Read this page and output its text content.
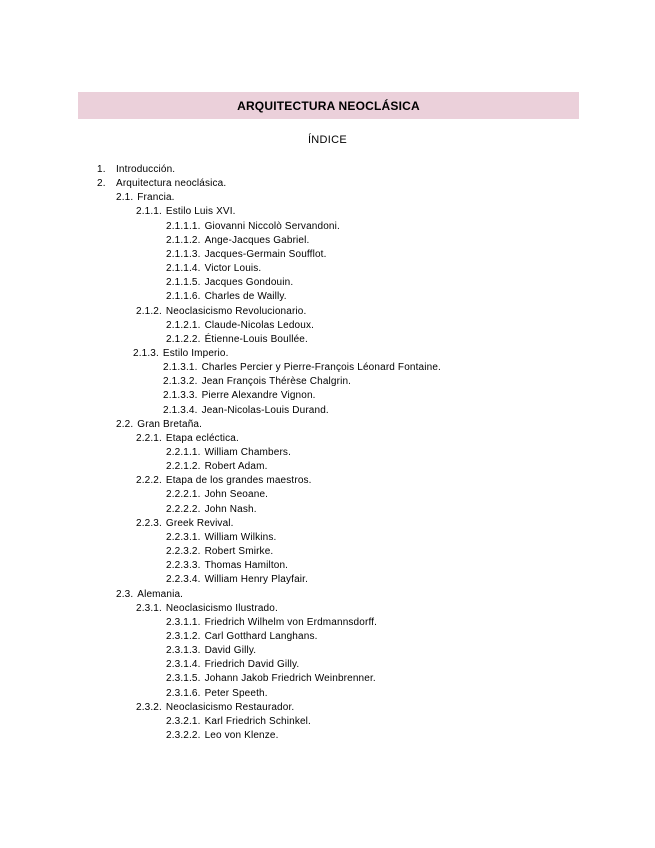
ARQUITECTURA NEOCLÁSICA
ÍNDICE
1. Introducción.
2. Arquitectura neoclásica.
2.1. Francia.
2.1.1. Estilo Luis XVI.
2.1.1.1. Giovanni Niccolò Servandoni.
2.1.1.2. Ange-Jacques Gabriel.
2.1.1.3. Jacques-Germain Soufflot.
2.1.1.4. Victor Louis.
2.1.1.5. Jacques Gondouin.
2.1.1.6. Charles de Wailly.
2.1.2. Neoclasicismo Revolucionario.
2.1.2.1. Claude-Nicolas Ledoux.
2.1.2.2. Étienne-Louis Boullée.
2.1.3. Estilo Imperio.
2.1.3.1. Charles Percier y Pierre-François Léonard Fontaine.
2.1.3.2. Jean François Thérèse Chalgrin.
2.1.3.3. Pierre Alexandre Vignon.
2.1.3.4. Jean-Nicolas-Louis Durand.
2.2. Gran Bretaña.
2.2.1. Etapa ecléctica.
2.2.1.1. William Chambers.
2.2.1.2. Robert Adam.
2.2.2. Etapa de los grandes maestros.
2.2.2.1. John Seoane.
2.2.2.2. John Nash.
2.2.3. Greek Revival.
2.2.3.1. William Wilkins.
2.2.3.2. Robert Smirke.
2.2.3.3. Thomas Hamilton.
2.2.3.4. William Henry Playfair.
2.3. Alemania.
2.3.1. Neoclasicismo Ilustrado.
2.3.1.1. Friedrich Wilhelm von Erdmannsdorff.
2.3.1.2. Carl Gotthard Langhans.
2.3.1.3. David Gilly.
2.3.1.4. Friedrich David Gilly.
2.3.1.5. Johann Jakob Friedrich Weinbrenner.
2.3.1.6. Peter Speeth.
2.3.2. Neoclasicismo Restaurador.
2.3.2.1. Karl Friedrich Schinkel.
2.3.2.2. Leo von Klenze.
